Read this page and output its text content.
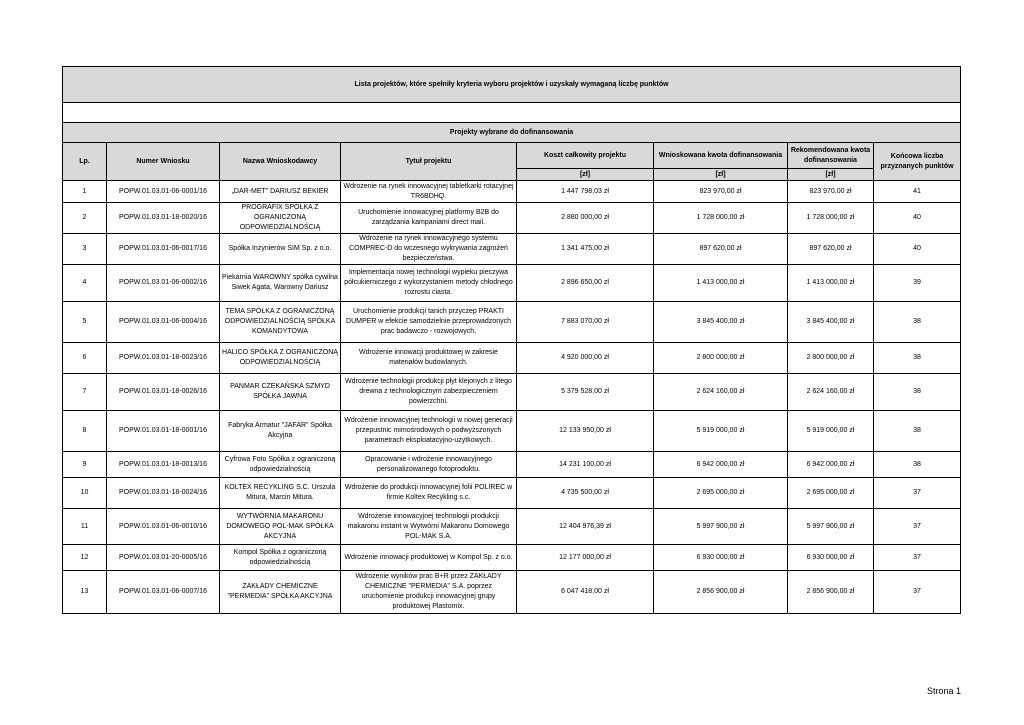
Lista projektów, które spełniły kryteria wyboru projektów i uzyskały wymaganą liczbę punktów							

Projekty wybrane do dofinansowania							
Lp.	Numer Wniosku	Nazwa Wnioskodawcy	Tytuł projektu	Koszt całkowity projektu	Wnioskowana kwota dofinansowania	Rekomendowana kwota dofinansowania	Końcowa liczba przyznanych punktów
				[zł]	[zł]	[zł]	
1	POPW.01.03.01-06-0001/16	„DAR-MET” DARIUSZ BEKIER	Wdrożenie na rynek innowacyjnej tabletkarki rotacyjnej TR6BDHQ.	1 447 798,03 zł	823 970,00 zł	823 970,00 zł	41
2	POPW.01.03.01-18-0020/16	PROGRAFIX SPÓŁKA Z OGRANICZONĄ ODPOWIEDZIALNOŚCIĄ	Uruchomienie innowacyjnej platformy B2B do zarządzania kampaniami direct mail.	2 880 000,00 zł	1 728 000,00 zł	1 728 000,00 zł	40
3	POPW.01.03.01-06-0017/16	Spółka Inżynierów SIM Sp. z o.o.	Wdrożenie na rynek innowacyjnego systemu COMPREC-D do wczesnego wykrywania zagrożeń bezpieczeństwa.	1 341 475,00 zł	897 620,00 zł	897 620,00 zł	40
4	POPW.01.03.01-06-0002/16	Piekarnia WAROWNY spółka cywilna Siwek Agata, Warowny Dariusz	Implementacja nowej technologii wypieku pieczywa półcukierniczego z wykorzystaniem metody chłodnego rozrostu ciasta.	2 896 650,00 zł	1 413 000,00 zł	1 413 000,00 zł	39
5	POPW.01.03.01-06-0004/16	TEMA SPÓŁKA Z OGRANICZONĄ ODPOWIEDZIALNOŚCIĄ SPÓŁKA KOMANDYTOWA	Uruchomienie produkcji tanich przyczep PRAKTI DUMPER w efekcie samodzielnie przeprowadzonych prac badawczo - rozwojowych.	7 883 070,00 zł	3 845 400,00 zł	3 845 400,00 zł	38
6	POPW.01.03.01-18-0023/16	HALICO SPÓŁKA Z OGRANICZONĄ ODPOWIEDZIALNOŚCIĄ	Wdrożenie innowacji produktowej w zakresie materiałów budowlanych.	4 920 000,00 zł	2 800 000,00 zł	2 800 000,00 zł	38
7	POPW.01.03.01-18-0026/16	PANMAR CZEKAŃSKA SZMYD SPÓŁKA JAWNA	Wdrożenie technologii produkcji płyt klejonych z litego drewna z technologicznym zabezpieczeniem powierzchni.	5 379 528,00 zł	2 624 160,00 zł	2 624 160,00 zł	38
8	POPW.01.03.01-18-0001/16	Fabryka Armatur "JAFAR" Spółka Akcyjna	Wdrożenie innowacyjnej technologii w nowej generacji przepustnic mimośrodowych o podwyższonych parametrach eksploatacyjno-użytkowych.	12 133 950,00 zł	5 919 000,00 zł	5 919 000,00 zł	38
9	POPW.01.03.01-18-0013/16	Cyfrowa Foto Spółka z ograniczoną odpowiedzialnością	Opracowanie i wdrożenie innowacyjnego personalizowanego fotoproduktu.	14 231 100,00 zł	6 942 000,00 zł	6 942 000,00 zł	38
10	POPW.01.03.01-18-0024/16	KOLTEX RECYKLING S.C. Urszula Mitura, Marcin Mitura.	Wdrożenie do produkcji innowacyjnej folii POLIREC w firmie Koltex Recykling s.c.	4 735 500,00 zł	2 695 000,00 zł	2 695 000,00 zł	37
11	POPW.01.03.01-06-0010/16	WYTWÓRNIA MAKARONU DOMOWEGO POL-MAK SPÓŁKA AKCYJNA	Wdrożenie innowacyjnej technologii produkcji makaronu instant w Wytwórni Makaronu Domowego POL-MAK S.A.	12 404 976,39 zł	5 997 900,00 zł	5 997 900,00 zł	37
12	POPW.01.03.01-20-0005/16	Kompol Spółka z ograniczoną odpowiedzialnością	Wdrożenie innowacji produktowej w Kompol Sp. z o.o.	12 177 000,00 zł	6 930 000,00 zł	6 930 000,00 zł	37
13	POPW.01.03.01-06-0007/16	ZAKŁADY CHEMICZNE "PERMEDIA" SPÓŁKA AKCYJNA	Wdrożenie wyników prac B+R przez ZAKŁADY CHEMICZNE "PERMEDIA" S.A. poprzez uruchomienie produkcji innowacyjnej grupy produktowej Plastomix.	6 047 418,00 zł	2 856 900,00 zł	2 856 900,00 zł	37
Strona 1
